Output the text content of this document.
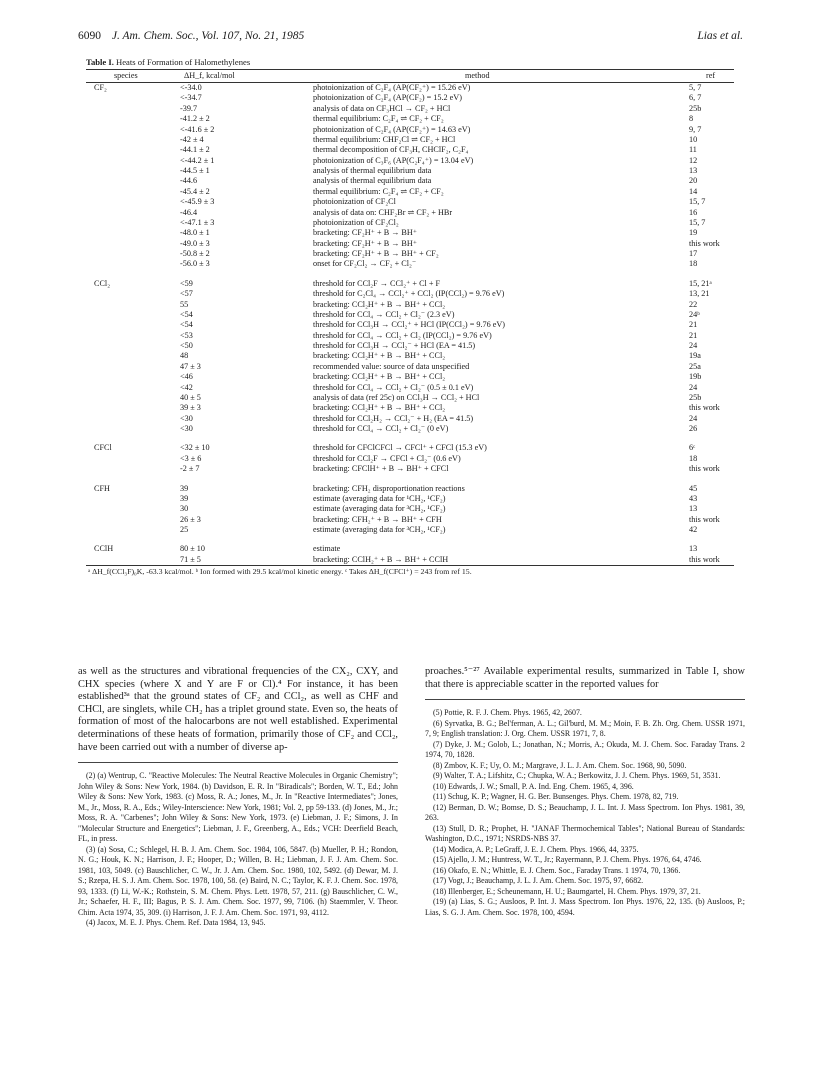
6090 J. Am. Chem. Soc., Vol. 107, No. 21, 1985	Lias et al.
Table I. Heats of Formation of Halomethylenes
species	ΔH_f, kcal/mol	method	ref
CF₂	<-34.0	photoionization of C₂F₄ (AP(CF₂⁺) = 15.26 eV)	5, 7
<-34.7	photoionization of C₂F₄ (AP(CF₂) = 15.2 eV)	6, 7
-39.7	analysis of data on CF₃HCl → CF₂ + HCl	25b
-41.2 ± 2	thermal equilibrium: C₂F₄ ⇌ CF₂ + CF₂	8
<-41.6 ± 2	photoionization of C₂F₄ (AP(CF₂⁺) = 14.63 eV)	9, 7
-42 ± 4	thermal equilibrium: CHF₂Cl ⇌ CF₂ + HCl	10
-44.1 ± 2	thermal decomposition of CF₃H, CHClF₂, C₂F₄	11
<-44.2 ± 1	photoionization of C₃F₆ (AP(C₂F₄⁺) = 13.04 eV)	12
-44.5 ± 1	analysis of thermal equilibrium data	13
-44.6	analysis of thermal equilibrium data	20
-45.4 ± 2	thermal equilibrium: C₂F₄ ⇌ CF₂ + CF₂	14
<-45.9 ± 3	photoionization of CF₂Cl	15, 7
-46.4	analysis of data on: CHF₂Br ⇌ CF₂ + HBr	16
<-47.1 ± 3	photoionization of CF₂Cl₂	15, 7
-48.0 ± 1	bracketing: CF₂H⁺ + B → BH⁺	19
-49.0 ± 3	bracketing: CF₂H⁺ + B → BH⁺	this work
-50.8 ± 2	bracketing: CF₂H⁺ + B → BH⁺ + CF₂	17
-56.0 ± 3	onset for CF₂Cl₂ → CF₂ + Cl₂⁻	18
CCl₂	<59	threshold for CCl₂F → CCl₂⁺ + Cl + F	15, 21ᵃ
<57	threshold for C₂Cl₄ → CCl₂⁺ + CCl₂ (IP(CCl₂) = 9.76 eV)	13, 21
55	bracketing: CCl₂H⁺ + B → BH⁺ + CCl₂	22
<54	threshold for CCl₄ → CCl₂ + Cl₂⁻ (2.3 eV)	24ᵇ
<54	threshold for CCl₃H → CCl₂⁺ + HCl (IP(CCl₂) = 9.76 eV)	21
<53	threshold for CCl₄ → CCl₂ + Cl₂ (IP(CCl₂) = 9.76 eV)	21
<50	threshold for CCl₃H → CCl₂⁻ + HCl (EA = 41.5)	24
48	bracketing: CCl₂H⁺ + B → BH⁺ + CCl₂	19a
47 ± 3	recommended value: source of data unspecified	25a
<46	bracketing: CCl₂H⁺ + B → BH⁺ + CCl₂	19b
<42	threshold for CCl₄ → CCl₂ + Cl₂⁻ (0.5 ± 0.1 eV)	24
40 ± 5	analysis of data (ref 25c) on CCl₃H → CCl₂ + HCl	25b
39 ± 3	bracketing: CCl₂H⁺ + B → BH⁺ + CCl₂	this work
<30	threshold for CCl₂H₂ → CCl₂⁻ + H₂ (EA = 41.5)	24
<30	threshold for CCl₄ → CCl₂ + Cl₂⁻ (0 eV)	26
CFCl	<32 ± 10	threshold for CFClCFCl → CFCl⁺ + CFCl (15.3 eV)	6ᶜ
<3 ± 6	threshold for CCl₂F → CFCl + Cl₂⁻ (0.6 eV)	18
-2 ± 7	bracketing: CFClH⁺ + B → BH⁺ + CFCl	this work
CFH	39	bracketing: CFH₂ disproportionation reactions	45
39	estimate (averaging data for ¹CH₂, ¹CF₂)	43
30	estimate (averaging data for ³CH₂, ¹CF₂)	13
26 ± 3	bracketing: CFH₂⁺ + B → BH⁺ + CFH	this work
25	estimate (averaging data for ³CH₂, ¹CF₂)	42
CClH	80 ± 10	estimate	13
71 ± 5	bracketing: CClH₂⁺ + B → BH⁺ + CClH	this work
ᵃ ΔH_f(CCl₃F)₀K, -63.3 kcal/mol. ᵇ Ion formed with 29.5 kcal/mol kinetic energy. ᶜ Takes ΔH_f(CFCl⁺) = 243 from ref 15.
as well as the structures and vibrational frequencies of the CX₂, CXY, and CHX species (where X and Y are F or Cl).⁴ For instance, it has been established³ᵃ that the ground states of CF₂ and CCl₂, as well as CHF and CHCl, are singlets, while CH₂ has a triplet ground state. Even so, the heats of formation of most of the halocarbons are not well established. Experimental determinations of these heats of formation, primarily those of CF₂ and CCl₂, have been carried out with a number of diverse ap-

(2) (a) Wentrup, C. "Reactive Molecules: The Neutral Reactive Molecules in Organic Chemistry"; John Wiley & Sons: New York, 1984. (b) Davidson, E. R. In "Biradicals"; Borden, W. T., Ed.; John Wiley & Sons: New York, 1983. (c) Moss, R. A.; Jones, M., Jr. In "Reactive Intermediates"; Jones, M., Jr., Moss, R. A., Eds.; Wiley-Interscience: New York, 1981; Vol. 2, pp 59-133. (d) Jones, M., Jr.; Moss, R. A. "Carbenes"; John Wiley & Sons: New York, 1973. (e) Liebman, J. F.; Simons, J. In "Molecular Structure and Energetics"; Liebman, J. F., Greenberg, A., Eds.; VCH: Deerfield Beach, FL, in press.

(3) (a) Sosa, C.; Schlegel, H. B. J. Am. Chem. Soc. 1984, 106, 5847. (b) Mueller, P. H.; Rondon, N. G.; Houk, K. N.; Harrison, J. F.; Hooper, D.; Willen, B. H.; Liebman, J. F. J. Am. Chem. Soc. 1981, 103, 5049. (c) Bauschlicher, C. W., Jr. J. Am. Chem. Soc. 1980, 102, 5492. (d) Dewar, M. J. S.; Rzepa, H. S. J. Am. Chem. Soc. 1978, 100, 58. (e) Baird, N. C.; Taylor, K. F. J. Chem. Soc. 1978, 93, 1333. (f) Li, W.-K.; Rothstein, S. M. Chem. Phys. Lett. 1978, 57, 211. (g) Bauschlicher, C. W., Jr.; Schaefer, H. F., III; Bagus, P. S. J. Am. Chem. Soc. 1977, 99, 7106. (h) Staemmler, V. Theor. Chim. Acta 1974, 35, 309. (i) Harrison, J. F. J. Am. Chem. Soc. 1971, 93, 4112.

(4) Jacox, M. E. J. Phys. Chem. Ref. Data 1984, 13, 945.

proaches.⁵⁻²⁷ Available experimental results, summarized in Table I, show that there is appreciable scatter in the reported values for

(5) Pottie, R. F. J. Chem. Phys. 1965, 42, 2607.

(6) Syrvatka, B. G.; Bel'ferman, A. L.; Gil'burd, M. M.; Moin, F. B. Zh. Org. Chem. USSR 1971, 7, 9; English translation: J. Org. Chem. USSR 1971, 7, 8.

(7) Dyke, J. M.; Golob, L.; Jonathan, N.; Morris, A.; Okuda, M. J. Chem. Soc. Faraday Trans. 2 1974, 70, 1828.

(8) Zmbov, K. F.; Uy, O. M.; Margrave, J. L. J. Am. Chem. Soc. 1968, 90, 5090.

(9) Walter, T. A.; Lifshitz, C.; Chupka, W. A.; Berkowitz, J. J. Chem. Phys. 1969, 51, 3531.

(10) Edwards, J. W.; Small, P. A. Ind. Eng. Chem. 1965, 4, 396.

(11) Schug, K. P.; Wagner, H. G. Ber. Bunsenges. Phys. Chem. 1978, 82, 719.

(12) Berman, D. W.; Bomse, D. S.; Beauchamp, J. L. Int. J. Mass Spectrom. Ion Phys. 1981, 39, 263.

(13) Stull, D. R.; Prophet, H. "JANAF Thermochemical Tables"; National Bureau of Standards: Washington, D.C., 1971; NSRDS-NBS 37.

(14) Modica, A. P.; LeGraff, J. E. J. Chem. Phys. 1966, 44, 3375.

(15) Ajello, J. M.; Huntress, W. T., Jr.; Rayermann, P. J. Chem. Phys. 1976, 64, 4746.

(16) Okafo, E. N.; Whittle, E. J. Chem. Soc., Faraday Trans. 1 1974, 70, 1366.

(17) Vogt, J.; Beauchamp, J. L. J. Am. Chem. Soc. 1975, 97, 6682.

(18) Illenberger, E.; Scheunemann, H. U.; Baumgartel, H. Chem. Phys. 1979, 37, 21.

(19) (a) Lias, S. G.; Ausloos, P. Int. J. Mass Spectrom. Ion Phys. 1976, 22, 135. (b) Ausloos, P.; Lias, S. G. J. Am. Chem. Soc. 1978, 100, 4594.
